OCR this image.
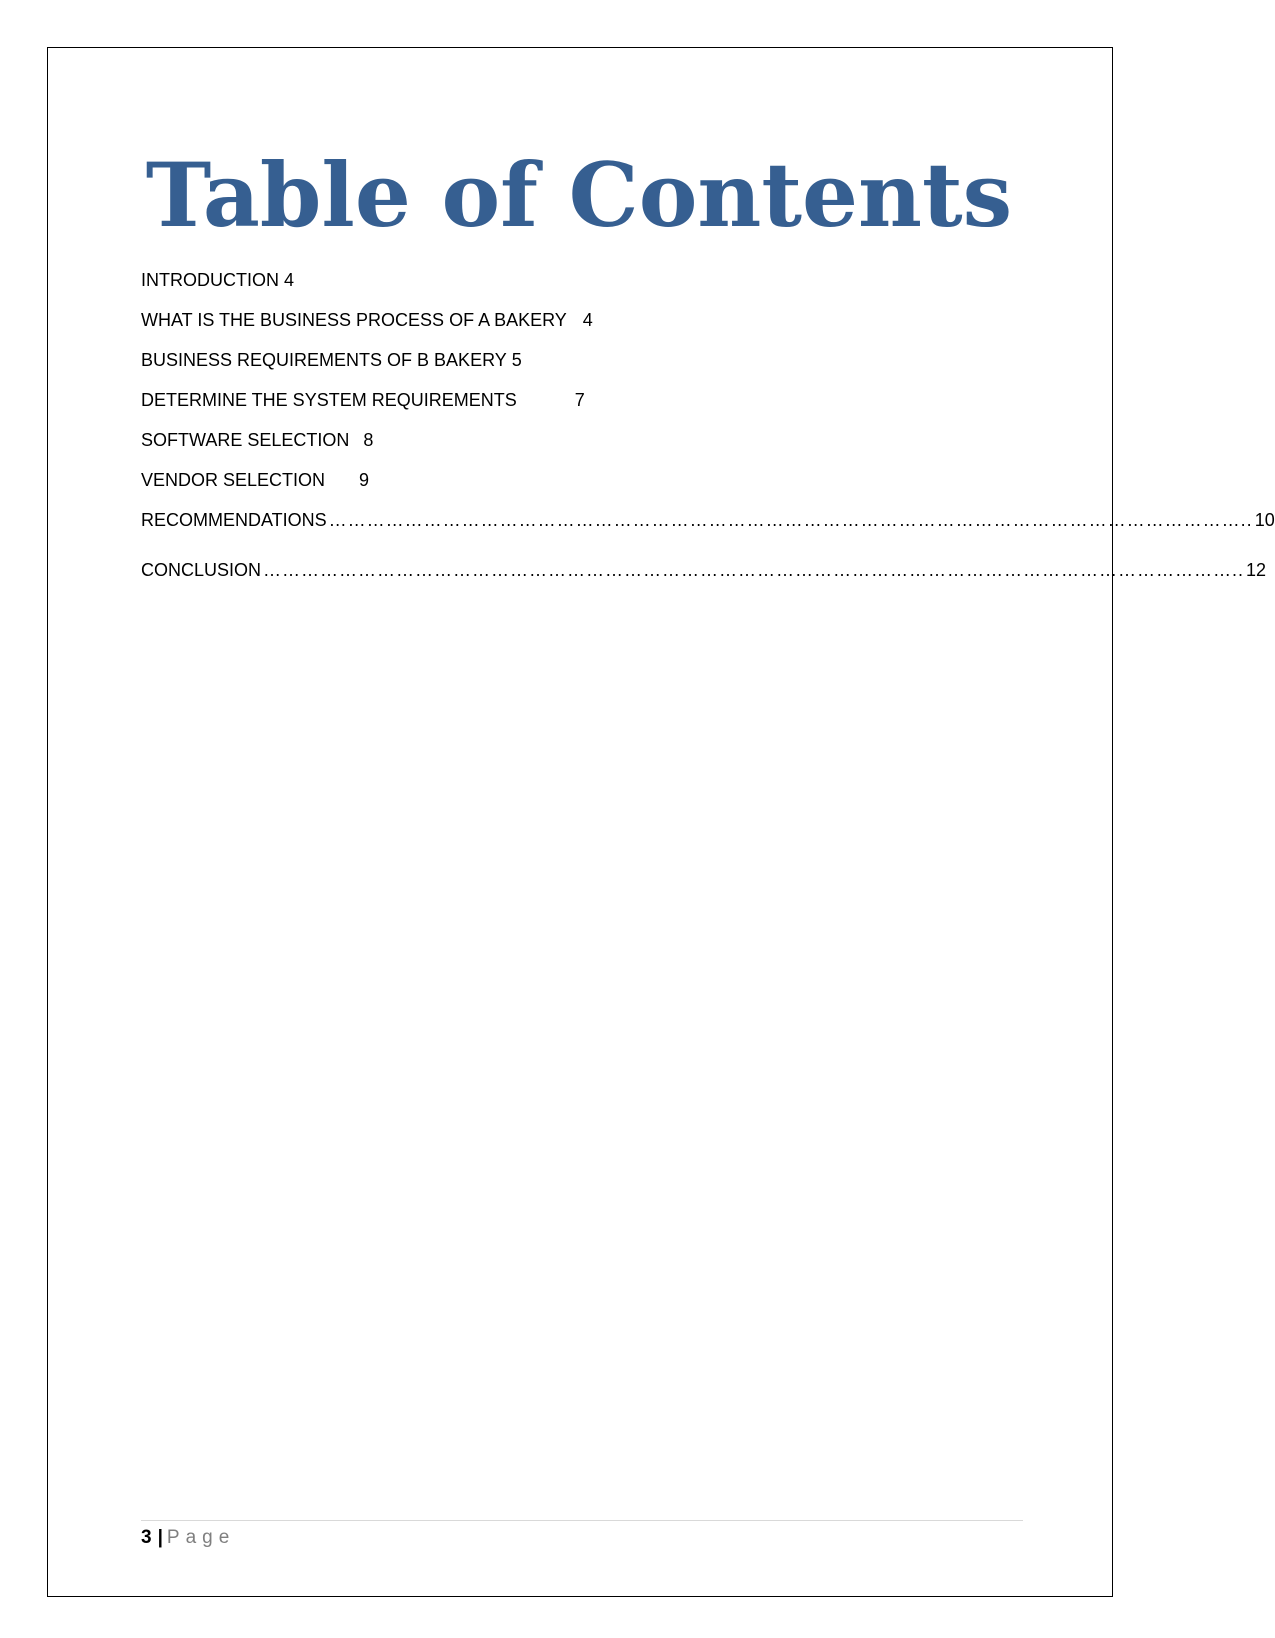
Table of Contents
INTRODUCTION 4
WHAT IS THE BUSINESS PROCESS OF A BAKERY 4
BUSINESS REQUIREMENTS OF B BAKERY 5
DETERMINE THE SYSTEM REQUIREMENTS	7
SOFTWARE SELECTION 8
VENDOR SELECTION 9
RECOMMENDATIONS ……………………………………………………………………………………………………………………………….. 10
CONCLUSION ……………………………………………………………………………………………………………………………………….. 12
3 | Page
